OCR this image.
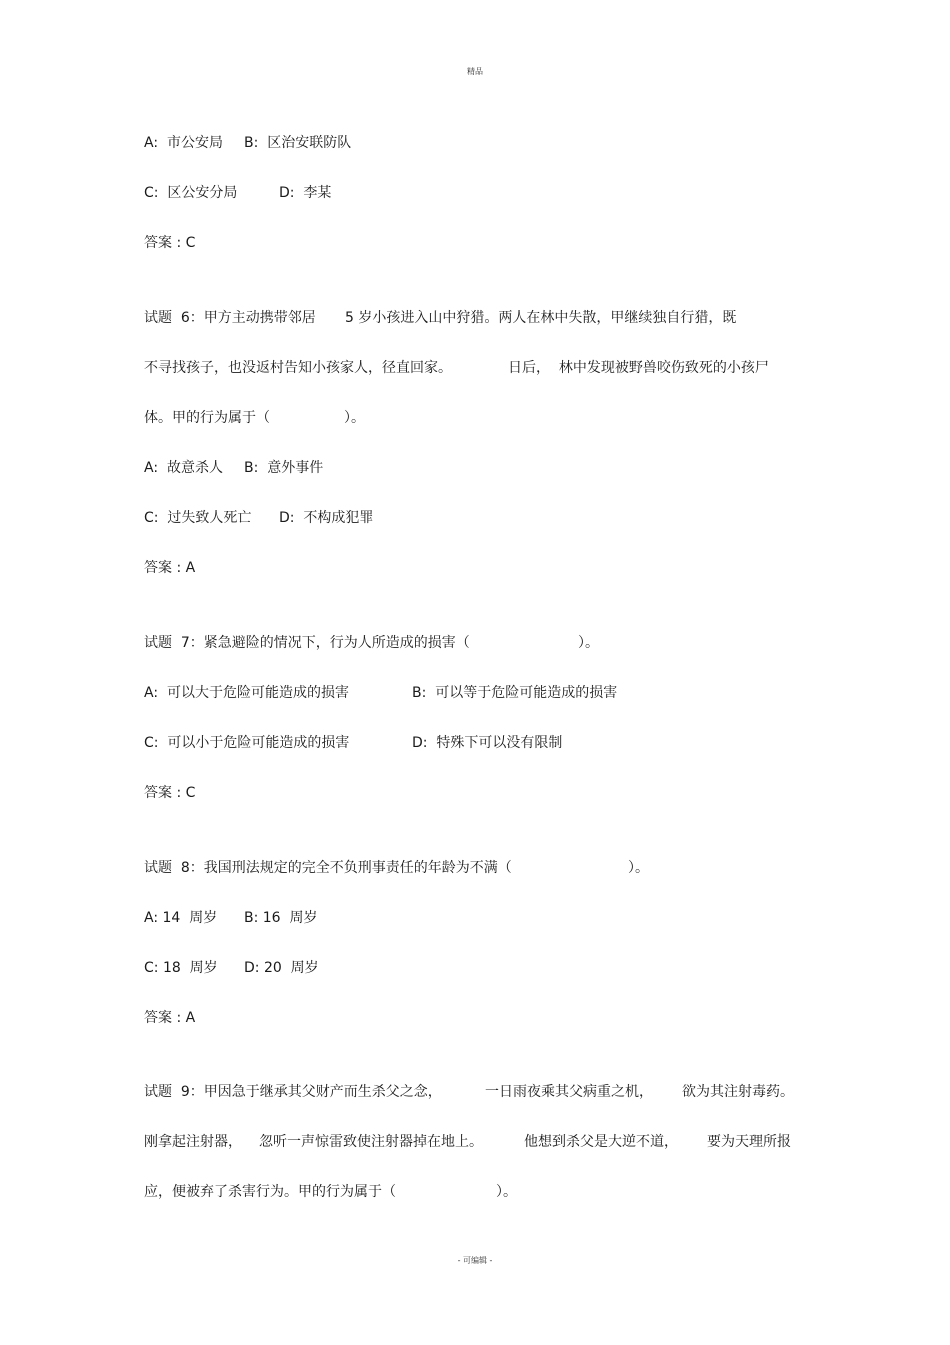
精品

A:  市公安局

B:  区治安联防队

C:  区公安分局

	D:  李某

答案 : C

试题  6：甲方主动携带邻居

5 岁小孩进入山中狩猎。两人在林中失散，甲继续独自行猎，既

不寻找孩子，也没返村告知小孩家人，径直回家。

	日后，  林中发现被野兽咬伤致死的小孩尸

体。甲的行为属于（

	）。

A:  故意杀人

B:  意外事件

C:  过失致人死亡

D:  不构成犯罪

答案 : A

试题  7：紧急避险的情况下，行为人所造成的损害（

	）。

A:  可以大于危险可能造成的损害

	B:  可以等于危险可能造成的损害

C:  可以小于危险可能造成的损害

	D:  特殊下可以没有限制

答案 : C

试题  8：我国刑法规定的完全不负刑事责任的年龄为不满（

	）。

A: 14  周岁

B: 16  周岁

C: 18  周岁

D: 20  周岁

答案 : A

试题  9：甲因急于继承其父财产而生杀父之念，

	一日雨夜乘其父病重之机，

欲为其注射毒药。

刚拿起注射器，

忽听一声惊雷致使注射器掉在地上。

	他想到杀父是大逆不道，

要为天理所报

应，便被弃了杀害行为。甲的行为属于（

	）。

- 可编辑 -
